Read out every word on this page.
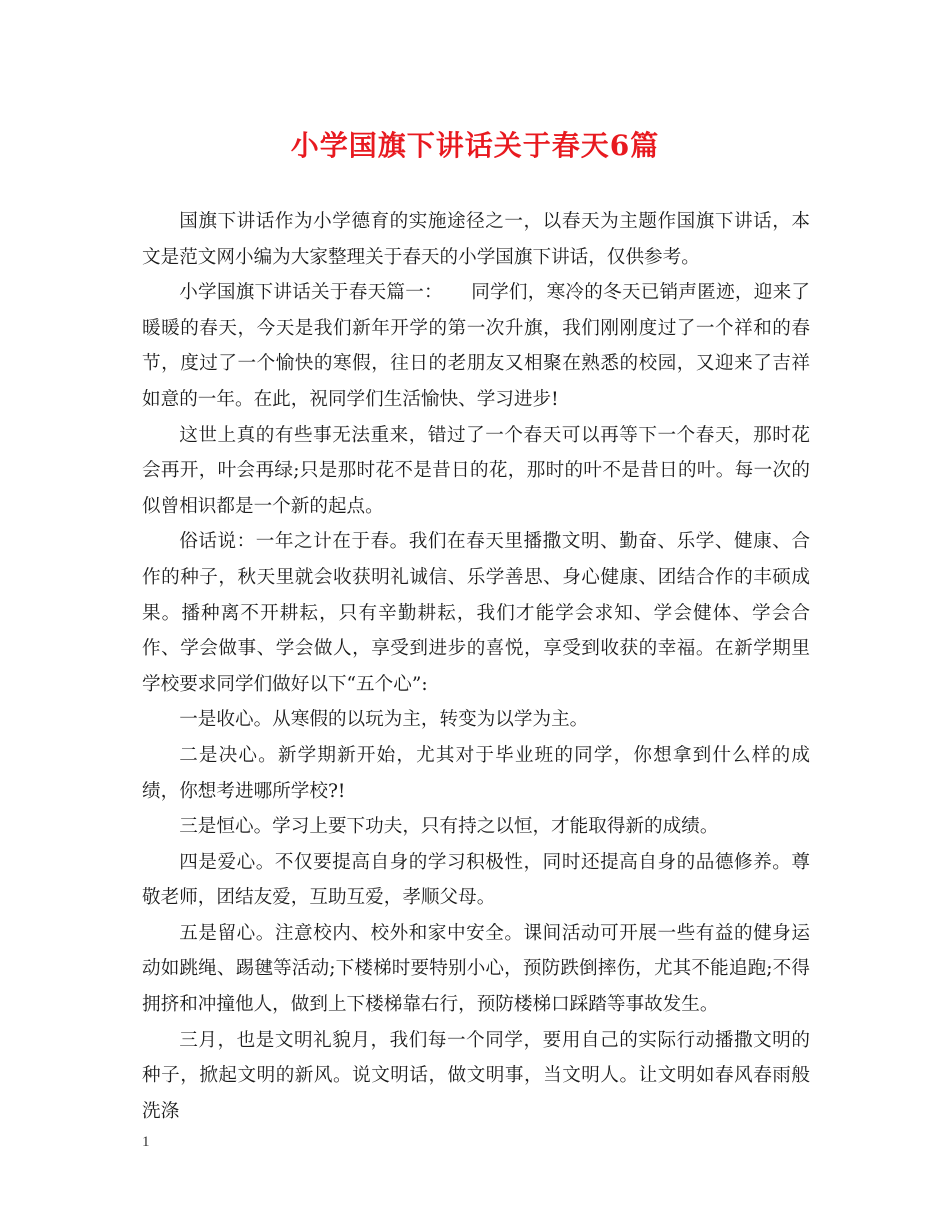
小学国旗下讲话关于春天6篇

国旗下讲话作为小学德育的实施途径之一，以春天为主题作国旗下讲话，本文是范文网小编为大家整理关于春天的小学国旗下讲话，仅供参考。

小学国旗下讲话关于春天篇一：　　同学们，寒冷的冬天已销声匿迹，迎来了暖暖的春天，今天是我们新年开学的第一次升旗，我们刚刚度过了一个祥和的春节，度过了一个愉快的寒假，往日的老朋友又相聚在熟悉的校园，又迎来了吉祥如意的一年。在此，祝同学们生活愉快、学习进步!

这世上真的有些事无法重来，错过了一个春天可以再等下一个春天，那时花会再开，叶会再绿;只是那时花不是昔日的花，那时的叶不是昔日的叶。每一次的似曾相识都是一个新的起点。

俗话说：一年之计在于春。我们在春天里播撒文明、勤奋、乐学、健康、合作的种子，秋天里就会收获明礼诚信、乐学善思、身心健康、团结合作的丰硕成果。播种离不开耕耘，只有辛勤耕耘，我们才能学会求知、学会健体、学会合作、学会做事、学会做人，享受到进步的喜悦，享受到收获的幸福。在新学期里学校要求同学们做好以下“五个心”:

一是收心。从寒假的以玩为主，转变为以学为主。

二是决心。新学期新开始，尤其对于毕业班的同学，你想拿到什么样的成绩，你想考进哪所学校?!

三是恒心。学习上要下功夫，只有持之以恒，才能取得新的成绩。

四是爱心。不仅要提高自身的学习积极性，同时还提高自身的品德修养。尊敬老师，团结友爱，互助互爱，孝顺父母。

五是留心。注意校内、校外和家中安全。课间活动可开展一些有益的健身运动如跳绳、踢毽等活动;下楼梯时要特别小心，预防跌倒摔伤，尤其不能追跑;不得拥挤和冲撞他人，做到上下楼梯靠右行，预防楼梯口踩踏等事故发生。

三月，也是文明礼貌月，我们每一个同学，要用自己的实际行动播撒文明的种子，掀起文明的新风。说文明话，做文明事，当文明人。让文明如春风春雨般洗涤

1
